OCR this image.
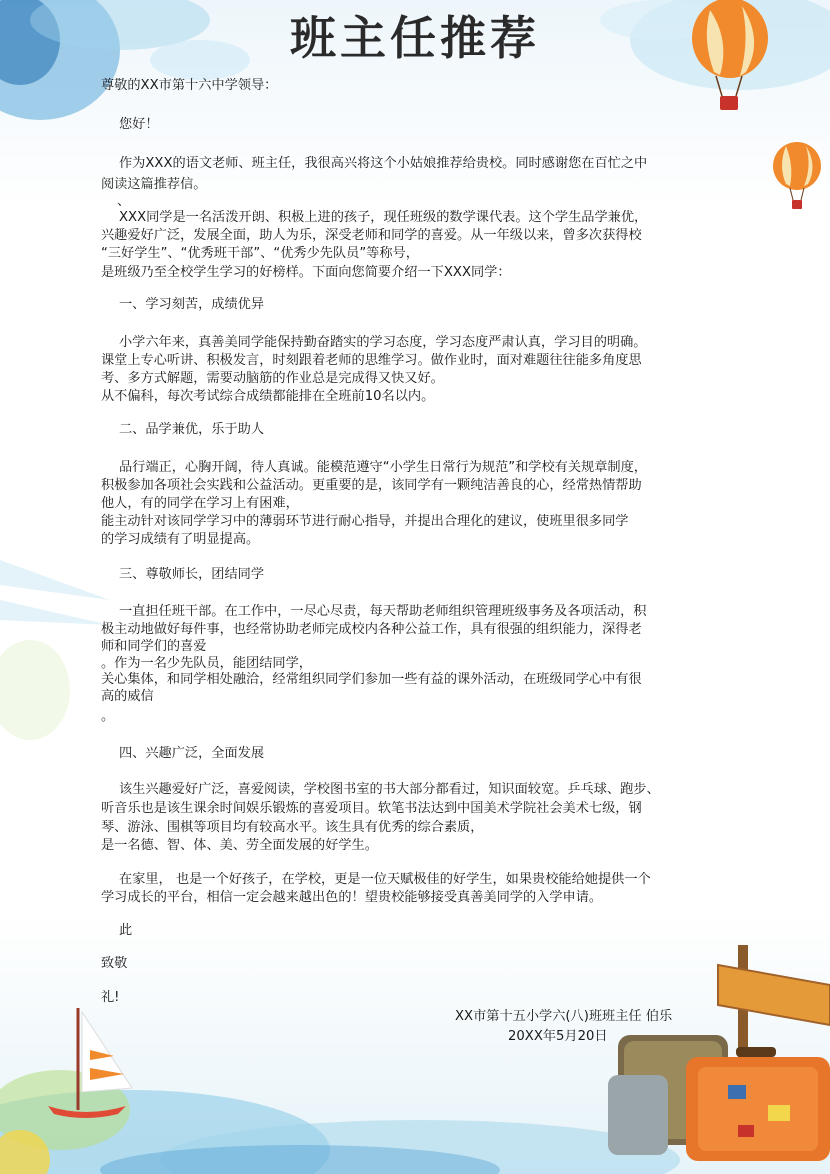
班主任推荐
尊敬的XX市第十六中学领导：
您好！
作为XXX的语文老师、班主任，我很高兴将这个小姑娘推荐给贵校。同时感谢您在百忙之中
阅读这篇推荐信。
、
XXX同学是一名活泼开朗、积极上进的孩子，现任班级的数学课代表。这个学生品学兼优，
兴趣爱好广泛，发展全面，助人为乐，深受老师和同学的喜爱。从一年级以来，曾多次获得校
“三好学生”、“优秀班干部”、“优秀少先队员”等称号，
是班级乃至全校学生学习的好榜样。下面向您简要介绍一下XXX同学：
一、学习刻苦，成绩优异
小学六年来，真善美同学能保持勤奋踏实的学习态度，学习态度严肃认真，学习目的明确。
课堂上专心听讲、积极发言，时刻跟着老师的思维学习。做作业时，面对难题往往能多角度思
考、多方式解题，需要动脑筋的作业总是完成得又快又好。
从不偏科，每次考试综合成绩都能排在全班前10名以内。
二、品学兼优，乐于助人
品行端正，心胸开阔，待人真诚。能模范遵守“小学生日常行为规范”和学校有关规章制度，
积极参加各项社会实践和公益活动。更重要的是，该同学有一颗纯洁善良的心，经常热情帮助
他人，有的同学在学习上有困难，
能主动针对该同学学习中的薄弱环节进行耐心指导，并提出合理化的建议，使班里很多同学
的学习成绩有了明显提高。
三、尊敬师长，团结同学
一直担任班干部。在工作中，一尽心尽责，每天帮助老师组织管理班级事务及各项活动，积
极主动地做好每件事，也经常协助老师完成校内各种公益工作，具有很强的组织能力，深得老
师和同学们的喜爱
。作为一名少先队员，能团结同学，
关心集体，和同学相处融洽，经常组织同学们参加一些有益的课外活动，在班级同学心中有很
高的威信
。
四、兴趣广泛，全面发展
该生兴趣爱好广泛，喜爱阅读，学校图书室的书大部分都看过，知识面较宽。乒乓球、跑步、
听音乐也是该生课余时间娱乐锻炼的喜爱项目。软笔书法达到中国美术学院社会美术七级，钢
琴、游泳、围棋等项目均有较高水平。该生具有优秀的综合素质，
是一名德、智、体、美、劳全面发展的好学生。
在家里， 也是一个好孩子，在学校，更是一位天赋极佳的好学生，如果贵校能给她提供一个
学习成长的平台，相信一定会越来越出色的！望贵校能够接受真善美同学的入学申请。
此
致敬
礼!
XX市第十五小学六(八)班班主任 伯乐
20XX年5月20日
